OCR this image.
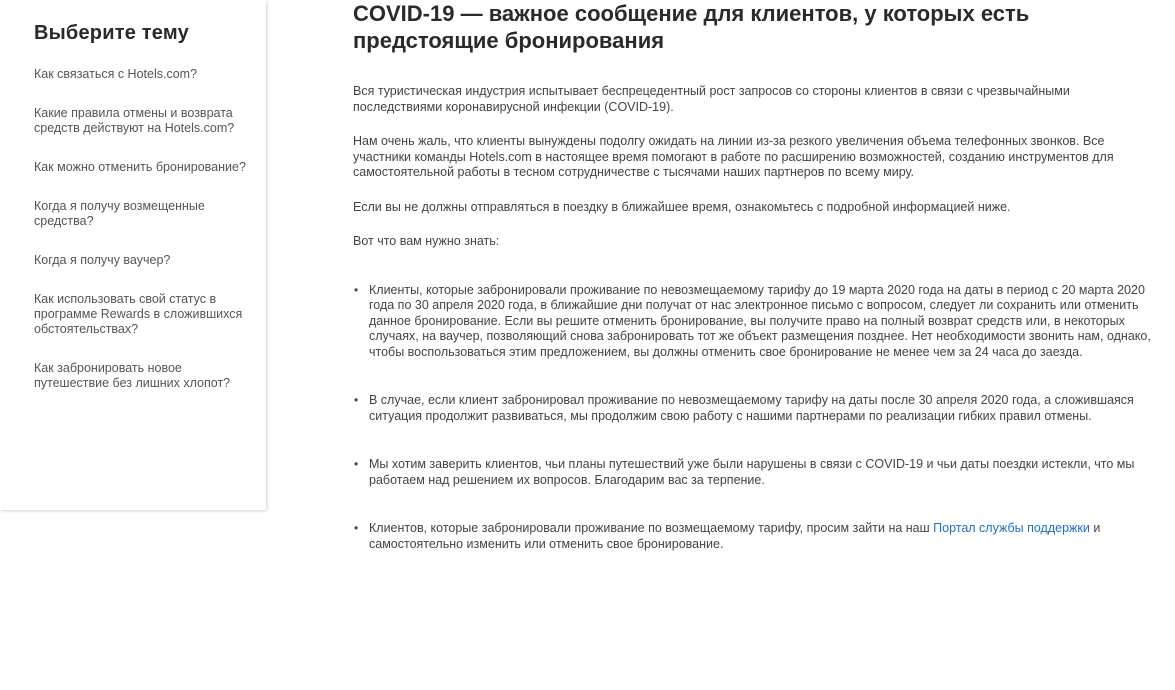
Выберите тему
Как связаться с Hotels.com?
Какие правила отмены и возврата средств действуют на Hotels.com?
Как можно отменить бронирование?
Когда я получу возмещенные средства?
Когда я получу ваучер?
Как использовать свой статус в программе Rewards в сложившихся обстоятельствах?
Как забронировать новое путешествие без лишних хлопот?
COVID-19 — важное сообщение для клиентов, у которых есть предстоящие бронирования

Вся туристическая индустрия испытывает беспрецедентный рост запросов со стороны клиентов в связи с чрезвычайными последствиями коронавирусной инфекции (COVID-19).

Нам очень жаль, что клиенты вынуждены подолгу ожидать на линии из-за резкого увеличения объема телефонных звонков. Все участники команды Hotels.com в настоящее время помогают в работе по расширению возможностей, созданию инструментов для самостоятельной работы в тесном сотрудничестве с тысячами наших партнеров по всему миру.

Если вы не должны отправляться в поездку в ближайшее время, ознакомьтесь с подробной информацией ниже.

Вот что вам нужно знать:

• Клиенты, которые забронировали проживание по невозмещаемому тарифу до 19 марта 2020 года на даты в период с 20 марта 2020 года по 30 апреля 2020 года, в ближайшие дни получат от нас электронное письмо с вопросом, следует ли сохранить или отменить данное бронирование. Если вы решите отменить бронирование, вы получите право на полный возврат средств или, в некоторых случаях, на ваучер, позволяющий снова забронировать тот же объект размещения позднее. Нет необходимости звонить нам, однако, чтобы воспользоваться этим предложением, вы должны отменить свое бронирование не менее чем за 24 часа до заезда.
• В случае, если клиент забронировал проживание по невозмещаемому тарифу на даты после 30 апреля 2020 года, а сложившаяся ситуация продолжит развиваться, мы продолжим свою работу с нашими партнерами по реализации гибких правил отмены.
• Мы хотим заверить клиентов, чьи планы путешествий уже были нарушены в связи с COVID-19 и чьи даты поездки истекли, что мы работаем над решением их вопросов. Благодарим вас за терпение.
• Клиентов, которые забронировали проживание по возмещаемому тарифу, просим зайти на наш Портал службы поддержки и самостоятельно изменить или отменить свое бронирование.
